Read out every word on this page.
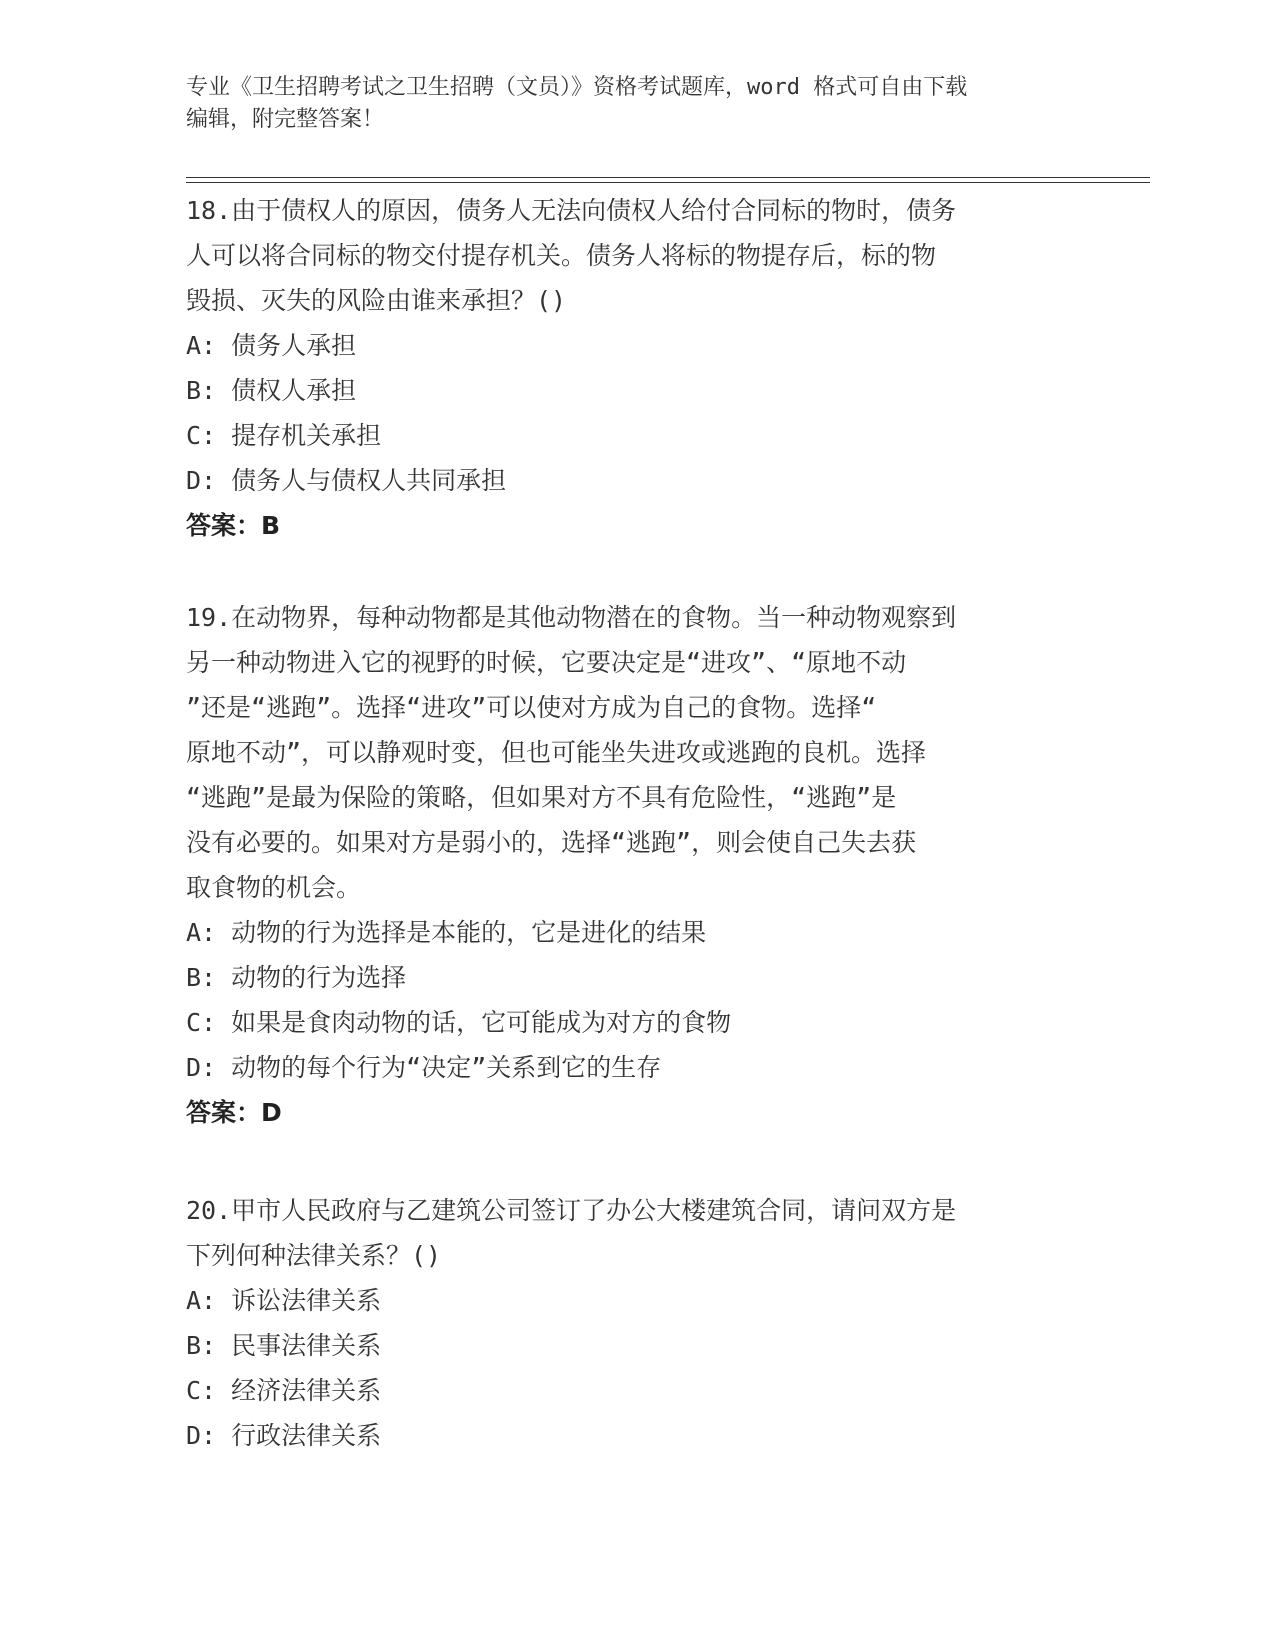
专业《卫生招聘考试之卫生招聘（文员）》资格考试题库，word 格式可自由下载
编辑，附完整答案！
18.由于债权人的原因，债务人无法向债权人给付合同标的物时，债务
人可以将合同标的物交付提存机关。债务人将标的物提存后，标的物
毁损、灭失的风险由谁来承担？()
A: 债务人承担
B: 债权人承担
C: 提存机关承担
D: 债务人与债权人共同承担
答案：B
19.在动物界，每种动物都是其他动物潜在的食物。当一种动物观察到
另一种动物进入它的视野的时候，它要决定是“进攻”、“原地不动
”还是“逃跑”。选择“进攻”可以使对方成为自己的食物。选择“
原地不动”，可以静观时变，但也可能坐失进攻或逃跑的良机。选择
“逃跑”是最为保险的策略，但如果对方不具有危险性，“逃跑”是
没有必要的。如果对方是弱小的，选择“逃跑”，则会使自己失去获
取食物的机会。
A: 动物的行为选择是本能的，它是进化的结果
B: 动物的行为选择
C: 如果是食肉动物的话，它可能成为对方的食物
D: 动物的每个行为“决定”关系到它的生存
答案：D
20.甲市人民政府与乙建筑公司签订了办公大楼建筑合同，请问双方是
下列何种法律关系？()
A: 诉讼法律关系
B: 民事法律关系
C: 经济法律关系
D: 行政法律关系
